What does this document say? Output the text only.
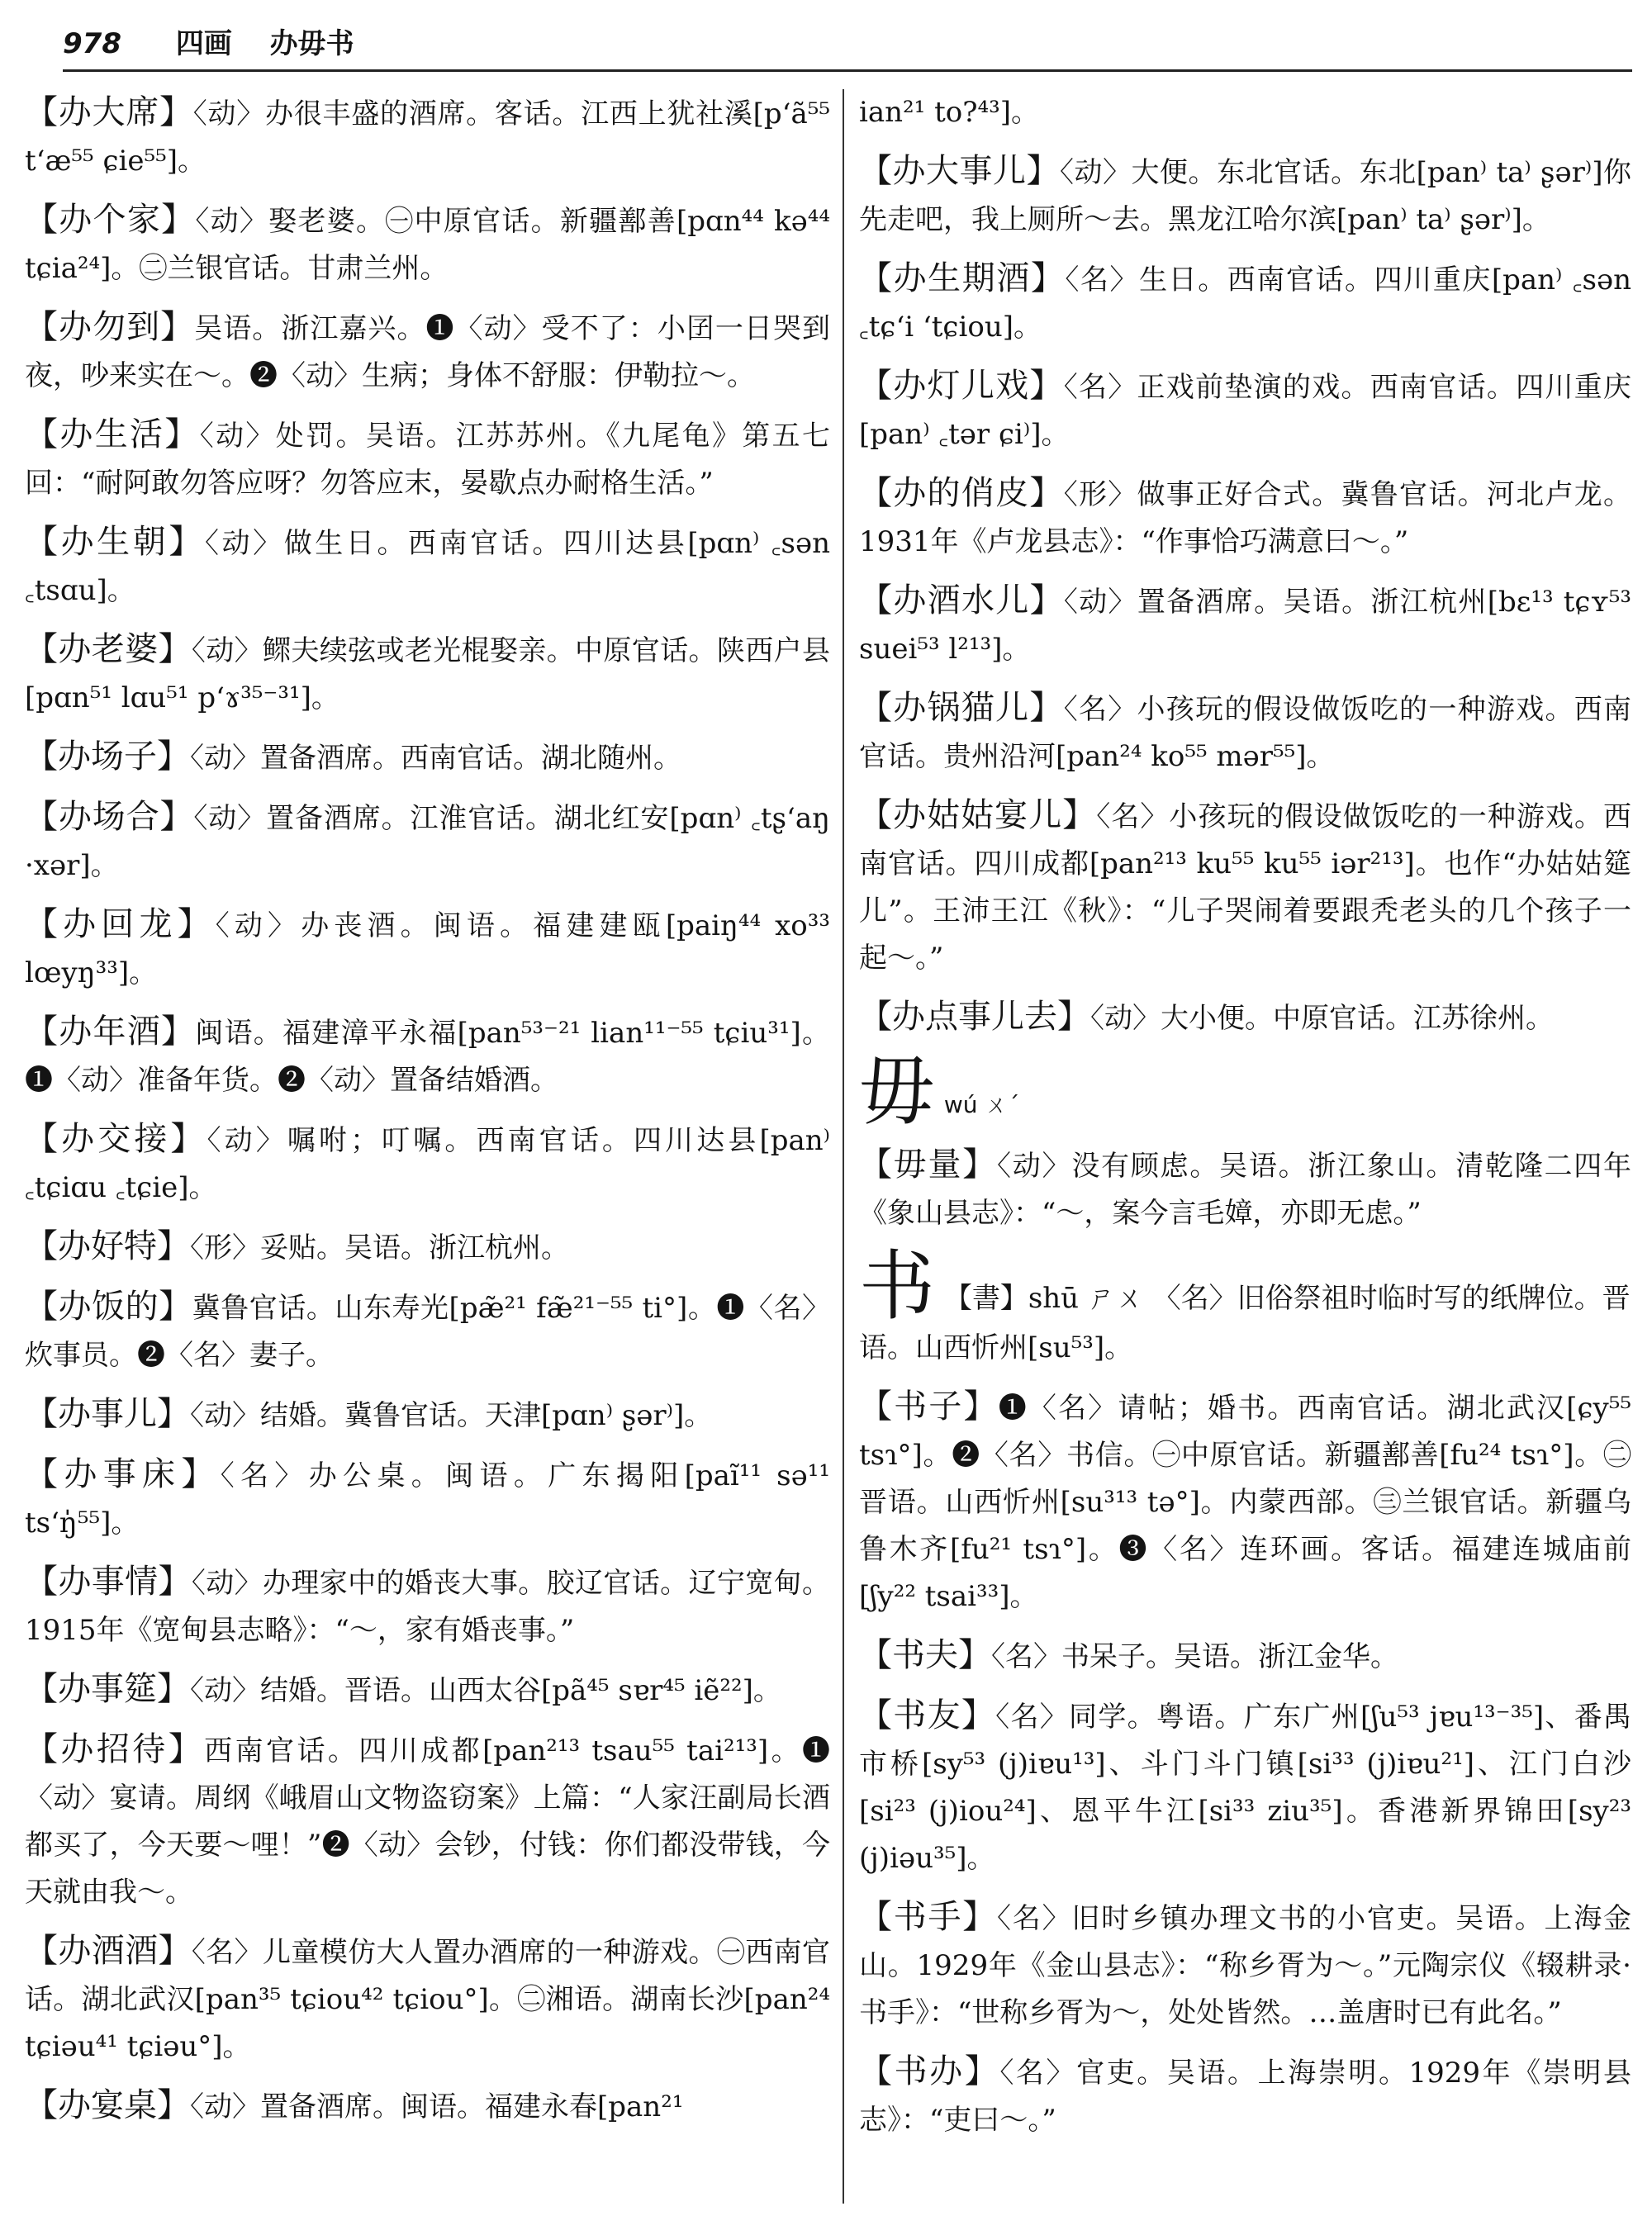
978 四画 办毋书
【办大席】〈动〉办很丰盛的酒席。客话。江西上犹社溪[p‘ã⁵⁵ t‘æ⁵⁵ ɕie⁵⁵]。
【办个家】〈动〉娶老婆。㊀中原官话。新疆鄯善[pɑn⁴⁴ kə⁴⁴ tɕia²⁴]。㊁兰银官话。甘肃兰州。
【办勿到】吴语。浙江嘉兴。❶〈动〉受不了：小囝一日哭到夜，吵来实在～。❷〈动〉生病；身体不舒服：伊勒拉～。
【办生活】〈动〉处罚。吴语。江苏苏州。《九尾龟》第五七回：“耐阿敢勿答应呀？勿答应末，晏歇点办耐格生活。”
【办生朝】〈动〉做生日。西南官话。四川达县[pɑn⁾ ꜀sən ꜀tsɑu]。
【办老婆】〈动〉鳏夫续弦或老光棍娶亲。中原官话。陕西户县[pɑn⁵¹ lɑu⁵¹ p‘ɤ³⁵⁻³¹]。
【办场子】〈动〉置备酒席。西南官话。湖北随州。
【办场合】〈动〉置备酒席。江淮官话。湖北红安[pɑn⁾ ꜀tʂ‘aŋ ·xər]。
【办回龙】〈动〉办丧酒。闽语。福建建瓯[paiŋ⁴⁴ xo³³ lœyŋ³³]。
【办年酒】闽语。福建漳平永福[pan⁵³⁻²¹ lian¹¹⁻⁵⁵ tɕiu³¹]。❶〈动〉准备年货。❷〈动〉置备结婚酒。
【办交接】〈动〉嘱咐；叮嘱。西南官话。四川达县[pan⁾ ꜀tɕiɑu ꜀tɕie]。
【办好特】〈形〉妥贴。吴语。浙江杭州。
【办饭的】冀鲁官话。山东寿光[pæ̃²¹ fæ̃²¹⁻⁵⁵ ti°]。❶〈名〉炊事员。❷〈名〉妻子。
【办事儿】〈动〉结婚。冀鲁官话。天津[pɑn⁾ ʂər⁾]。
【办事床】〈名〉办公桌。闽语。广东揭阳[paĩ¹¹ sə¹¹ ts‘ŋ̍⁵⁵]。
【办事情】〈动〉办理家中的婚丧大事。胶辽官话。辽宁宽甸。1915年《宽甸县志略》：“～，家有婚丧事。”
【办事筵】〈动〉结婚。晋语。山西太谷[pã⁴⁵ sɐr⁴⁵ iẽ²²]。
【办招待】西南官话。四川成都[pan²¹³ tsau⁵⁵ tai²¹³]。❶〈动〉宴请。周纲《峨眉山文物盗窃案》上篇：“人家汪副局长酒都买了，今天要～哩！”❷〈动〉会钞，付钱：你们都没带钱，今天就由我～。
【办酒酒】〈名〉儿童模仿大人置办酒席的一种游戏。㊀西南官话。湖北武汉[pan³⁵ tɕiou⁴² tɕiou°]。㊁湘语。湖南长沙[pan²⁴ tɕiəu⁴¹ tɕiəu°]。
【办宴桌】〈动〉置备酒席。闽语。福建永春[pan²¹
ian²¹ to?⁴³]。
【办大事儿】〈动〉大便。东北官话。东北[pan⁾ ta⁾ ʂər⁾]你先走吧，我上厕所～去。黑龙江哈尔滨[pan⁾ ta⁾ ʂər⁾]。
【办生期酒】〈名〉生日。西南官话。四川重庆[pan⁾ ꜀sən ꜀tɕ‘i ‘tɕiou]。
【办灯儿戏】〈名〉正戏前垫演的戏。西南官话。四川重庆[pan⁾ ꜀tər ɕi⁾]。
【办的俏皮】〈形〉做事正好合式。冀鲁官话。河北卢龙。1931年《卢龙县志》：“作事恰巧满意曰～。”
【办酒水儿】〈动〉置备酒席。吴语。浙江杭州[bɛ¹³ tɕʏ⁵³ suei⁵³ l²¹³]。
【办锅猫儿】〈名〉小孩玩的假设做饭吃的一种游戏。西南官话。贵州沿河[pan²⁴ ko⁵⁵ mər⁵⁵]。
【办姑姑宴儿】〈名〉小孩玩的假设做饭吃的一种游戏。西南官话。四川成都[pan²¹³ ku⁵⁵ ku⁵⁵ iər²¹³]。也作“办姑姑筵儿”。王沛王江《秋》：“儿子哭闹着要跟秃老头的几个孩子一起～。”
【办点事儿去】〈动〉大小便。中原官话。江苏徐州。
毋 wú ㄨˊ
【毋量】〈动〉没有顾虑。吴语。浙江象山。清乾隆二四年《象山县志》：“～，案今言毛嫜，亦即无虑。”
书 【書】shū ㄕㄨ 〈名〉旧俗祭祖时临时写的纸牌位。晋语。山西忻州[su⁵³]。
【书子】❶〈名〉请帖；婚书。西南官话。湖北武汉[ɕy⁵⁵ tsɿ°]。❷〈名〉书信。㊀中原官话。新疆鄯善[fu²⁴ tsɿ°]。㊁晋语。山西忻州[su³¹³ tə°]。内蒙西部。㊂兰银官话。新疆乌鲁木齐[fu²¹ tsɿ°]。❸〈名〉连环画。客话。福建连城庙前[ʃy²² tsai³³]。
【书夫】〈名〉书呆子。吴语。浙江金华。
【书友】〈名〉同学。粤语。广东广州[ʃu⁵³ jɐu¹³⁻³⁵]、番禺市桥[sy⁵³ (j)iɐu¹³]、斗门斗门镇[si³³ (j)iɐu²¹]、江门白沙[si²³ (j)iou²⁴]、恩平牛江[si³³ ziu³⁵]。香港新界锦田[sy²³ (j)iəu³⁵]。
【书手】〈名〉旧时乡镇办理文书的小官吏。吴语。上海金山。1929年《金山县志》：“称乡胥为～。”元陶宗仪《辍耕录·书手》：“世称乡胥为～，处处皆然。…盖唐时已有此名。”
【书办】〈名〉官吏。吴语。上海崇明。1929年《崇明县志》：“吏曰～。”
